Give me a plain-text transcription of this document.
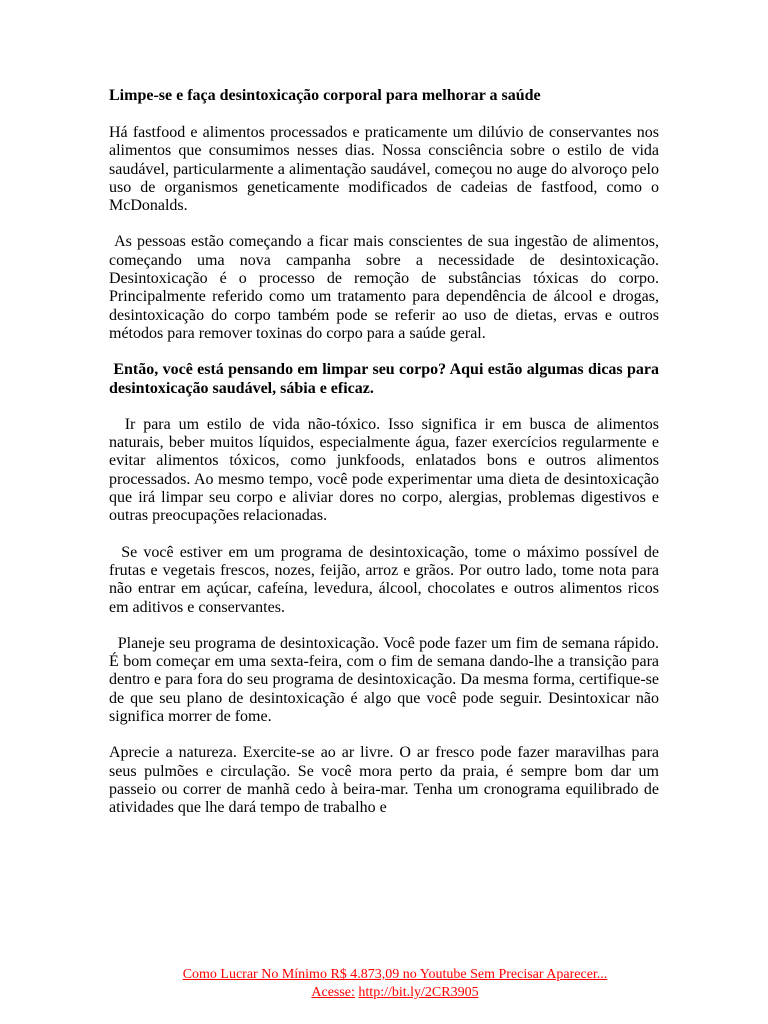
Limpe-se e faça desintoxicação corporal para melhorar a saúde

Há fastfood e alimentos processados e praticamente um dilúvio de conservantes nos alimentos que consumimos nesses dias. Nossa consciência sobre o estilo de vida saudável, particularmente a alimentação saudável, começou no auge do alvoroço pelo uso de organismos geneticamente modificados de cadeias de fastfood, como o McDonalds.

As pessoas estão começando a ficar mais conscientes de sua ingestão de alimentos, começando uma nova campanha sobre a necessidade de desintoxicação. Desintoxicação é o processo de remoção de substâncias tóxicas do corpo. Principalmente referido como um tratamento para dependência de álcool e drogas, desintoxicação do corpo também pode se referir ao uso de dietas, ervas e outros métodos para remover toxinas do corpo para a saúde geral.

Então, você está pensando em limpar seu corpo? Aqui estão algumas dicas para desintoxicação saudável, sábia e eficaz.

Ir para um estilo de vida não-tóxico. Isso significa ir em busca de alimentos naturais, beber muitos líquidos, especialmente água, fazer exercícios regularmente e evitar alimentos tóxicos, como junkfoods, enlatados bons e outros alimentos processados. Ao mesmo tempo, você pode experimentar uma dieta de desintoxicação que irá limpar seu corpo e aliviar dores no corpo, alergias, problemas digestivos e outras preocupações relacionadas.

Se você estiver em um programa de desintoxicação, tome o máximo possível de frutas e vegetais frescos, nozes, feijão, arroz e grãos. Por outro lado, tome nota para não entrar em açúcar, cafeína, levedura, álcool, chocolates e outros alimentos ricos em aditivos e conservantes.

Planeje seu programa de desintoxicação. Você pode fazer um fim de semana rápido. É bom começar em uma sexta-feira, com o fim de semana dando-lhe a transição para dentro e para fora do seu programa de desintoxicação. Da mesma forma, certifique-se de que seu plano de desintoxicação é algo que você pode seguir. Desintoxicar não significa morrer de fome.

Aprecie a natureza. Exercite-se ao ar livre. O ar fresco pode fazer maravilhas para seus pulmões e circulação. Se você mora perto da praia, é sempre bom dar um passeio ou correr de manhã cedo à beira-mar. Tenha um cronograma equilibrado de atividades que lhe dará tempo de trabalho e

Como Lucrar No Mínimo R$ 4.873,09 no Youtube Sem Precisar Aparecer...
Acesse: http://bit.ly/2CR3905
